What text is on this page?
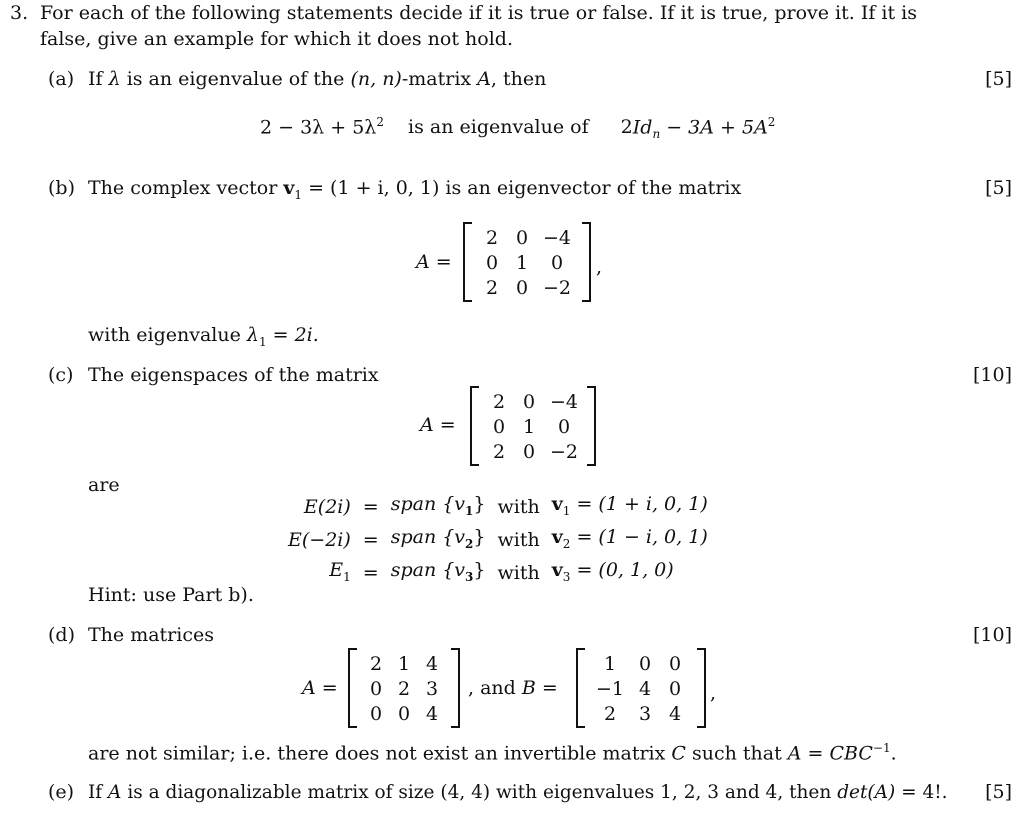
3. For each of the following statements decide if it is true or false. If it is true, prove it. If it is
false, give an example for which it does not hold.
(a) If λ is an eigenvalue of the (n, n)-matrix A, then	[5]
$2 - 3\lambda + 5\lambda^2$ is an eigenvalue of $2Id_n - 3A + 5A^2$
(b) The complex vector $v_1 = (1 + i$, 0, 1) is an eigenvector of the matrix	[5]
A =
2 0 −4
0 1	0
2 0 −2
,
with eigenvalue $\lambda_1 = 2i$.
(c) The eigenspaces of the matrix	[10]
A =
2 0 −4
0 1	0
2 0 −2
are
E(2i)	=	span $\{v_1\}$	with	$v_1 = (1 + i$, 0, 1)
E(−2i)	=	span $\{v_2\}$	with	$v_2 = (1 - i$, 0, 1)
$E_1$	=	span $\{v_3\}$	with	$v_3 = (0$, 1, 0)
Hint: use Part b).
(d) The matrices	[10]
A =
2 1 4
0 2 3
0 0 4
, and B =
1	0 0
−1 4 0
2	3 4
,
are not similar; i.e. there does not exist an invertible matrix C such that $A = CBC^{-1}$.
(e) If A is a diagonalizable matrix of size (4, 4) with eigenvalues 1, 2, 3 and 4, then det(A) = 4!. [5]
